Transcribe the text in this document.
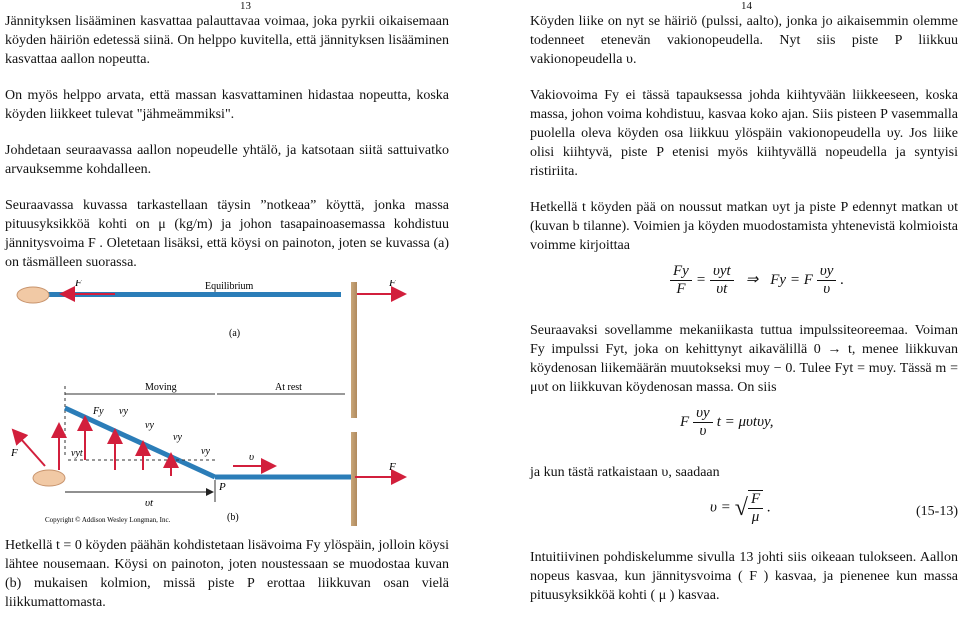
13	14

Jännityksen lisääminen kasvattaa palauttavaa voimaa, joka pyrkii oikaisemaan köyden häiriön edetessä siinä. On helppo kuvitella, että jännityksen lisääminen kasvattaa aallon nopeutta.

On myös helppo arvata, että massan kasvattaminen hidastaa nopeutta, koska köyden liikkeet tulevat "jähmeämmiksi".

Johdetaan seuraavassa aallon nopeudelle yhtälö, ja katsotaan siitä sattuivatko arvauksemme kohdalleen.

Seuraavassa kuvassa tarkastellaan täysin ”notkeaa” köyttä, jonka massa pituusyksikköä kohti on μ (kg/m) ja johon tasapainoasemassa kohdistuu jännitysvoima F . Oletetaan lisäksi, että köysi on painoton, joten se kuvassa (a) on täsmälleen suorassa.

F	F
Equilibrium
(a)
Moving	At rest
Fy vy
vy
vy
vy
F	vyt	υ
F
υt
P
(b)
Copyright © Addison Wesley Longman, Inc.

Hetkellä t = 0 köyden päähän kohdistetaan lisävoima Fy ylöspäin, jolloin köysi lähtee nousemaan. Köysi on painoton, joten noustessaan se muodostaa kuvan (b) mukaisen kolmion, missä piste P erottaa liikkuvan osan vielä liikkumattomasta.

Köyden liike on nyt se häiriö (pulssi, aalto), jonka jo aikaisemmin olemme todenneet etenevän vakionopeudella. Nyt siis piste P liikkuu vakionopeudella υ.

Vakiovoima Fy ei tässä tapauksessa johda kiihtyvään liikkeeseen, koska massa, johon voima kohdistuu, kasvaa koko ajan. Siis pisteen P vasemmalla puolella oleva köyden osa liikkuu ylöspäin vakionopeudella υy. Jos liike olisi kiihtyvä, piste P etenisi myös kiihtyvällä nopeudella ja syntyisi ristiriita.

Hetkellä t köyden pää on noussut matkan υyt ja piste P edennyt matkan υt (kuvan b tilanne). Voimien ja köyden muodostamista yhtenevistä kolmioista voimme kirjoittaa

$\frac{Fy}{F} = \frac{\text{υyt}}{\upsilon t}$ ⇒ Fy = F $\frac{\upsilon y}{\upsilon}$ .

Seuraavaksi sovellamme mekaniikasta tuttua impulssiteoreemaa. Voiman Fy impulssi Fyt, joka on kehittynyt aikavälillä 0 → t, menee liikkuvan köydenosan liikemäärän muutokseksi mυy − 0. Tulee Fyt = mυy. Tässä m = μυt on liikkuvan köydenosan massa. On siis

F $\frac{\upsilon y}{\upsilon}$ t = μυtυy,

ja kun tästä ratkaistaan υ, saadaan

υ = √ $\frac{F}{\mu}$ .	(15-13)

Intuitiivinen pohdiskelumme sivulla 13 johti siis oikeaan tulokseen. Aallon nopeus kasvaa, kun jännitysvoima ( F ) kasvaa, ja pienenee kun massa pituusyksikköä kohti ( μ ) kasvaa.
